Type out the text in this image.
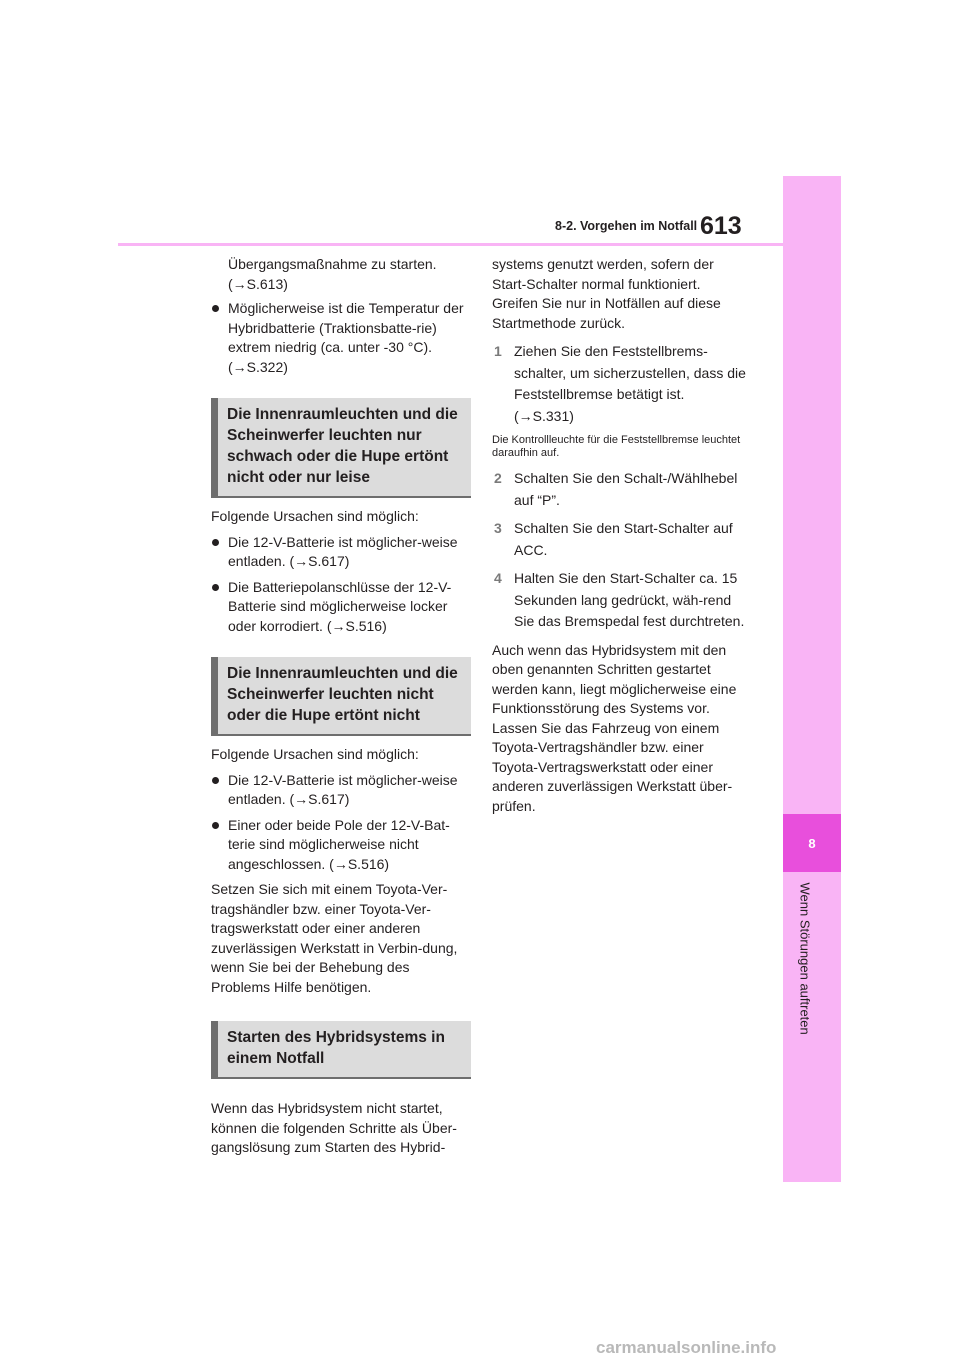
8
Wenn Störungen auftreten
8-2. Vorgehen im Notfall 613

Übergangsmaßnahme zu starten.

(→S.613)

Möglicherweise ist die Temperatur der Hybridbatterie (Traktionsbatte-rie) extrem niedrig (ca. unter -30 °C). (→S.322)

Die Innenraumleuchten und die Scheinwerfer leuchten nur schwach oder die Hupe ertönt nicht oder nur leise

Folgende Ursachen sind möglich:

Die 12-V-Batterie ist möglicher-weise entladen. (→S.617)

Die Batteriepolanschlüsse der 12-V-Batterie sind möglicherweise locker oder korrodiert. (→S.516)

Die Innenraumleuchten und die Scheinwerfer leuchten nicht oder die Hupe ertönt nicht

Folgende Ursachen sind möglich:

Die 12-V-Batterie ist möglicher-weise entladen. (→S.617)

Einer oder beide Pole der 12-V-Bat-terie sind möglicherweise nicht angeschlossen. (→S.516)

Setzen Sie sich mit einem Toyota-Ver-tragshändler bzw. einer Toyota-Ver-tragswerkstatt oder einer anderen zuverlässigen Werkstatt in Verbin-dung, wenn Sie bei der Behebung des Problems Hilfe benötigen.

Starten des Hybridsystems in einem Notfall

Wenn das Hybridsystem nicht startet, können die folgenden Schritte als Über-gangslösung zum Starten des Hybrid-

systems genutzt werden, sofern der Start-Schalter normal funktioniert. Greifen Sie nur in Notfällen auf diese Startmethode zurück.

1 Ziehen Sie den Feststellbrems-schalter, um sicherzustellen, dass die Feststellbremse betätigt ist. (→S.331)

Die Kontrollleuchte für die Feststellbremse leuchtet daraufhin auf.

2 Schalten Sie den Schalt-/Wählhebel auf “P”.
3 Schalten Sie den Start-Schalter auf ACC.
4 Halten Sie den Start-Schalter ca. 15 Sekunden lang gedrückt, wäh-rend Sie das Bremspedal fest durchtreten.

Auch wenn das Hybridsystem mit den oben genannten Schritten gestartet werden kann, liegt möglicherweise eine Funktionsstörung des Systems vor. Lassen Sie das Fahrzeug von einem Toyota-Vertragshändler bzw. einer Toyota-Vertragswerkstatt oder einer anderen zuverlässigen Werkstatt über-prüfen.

carmanualsonline.info
